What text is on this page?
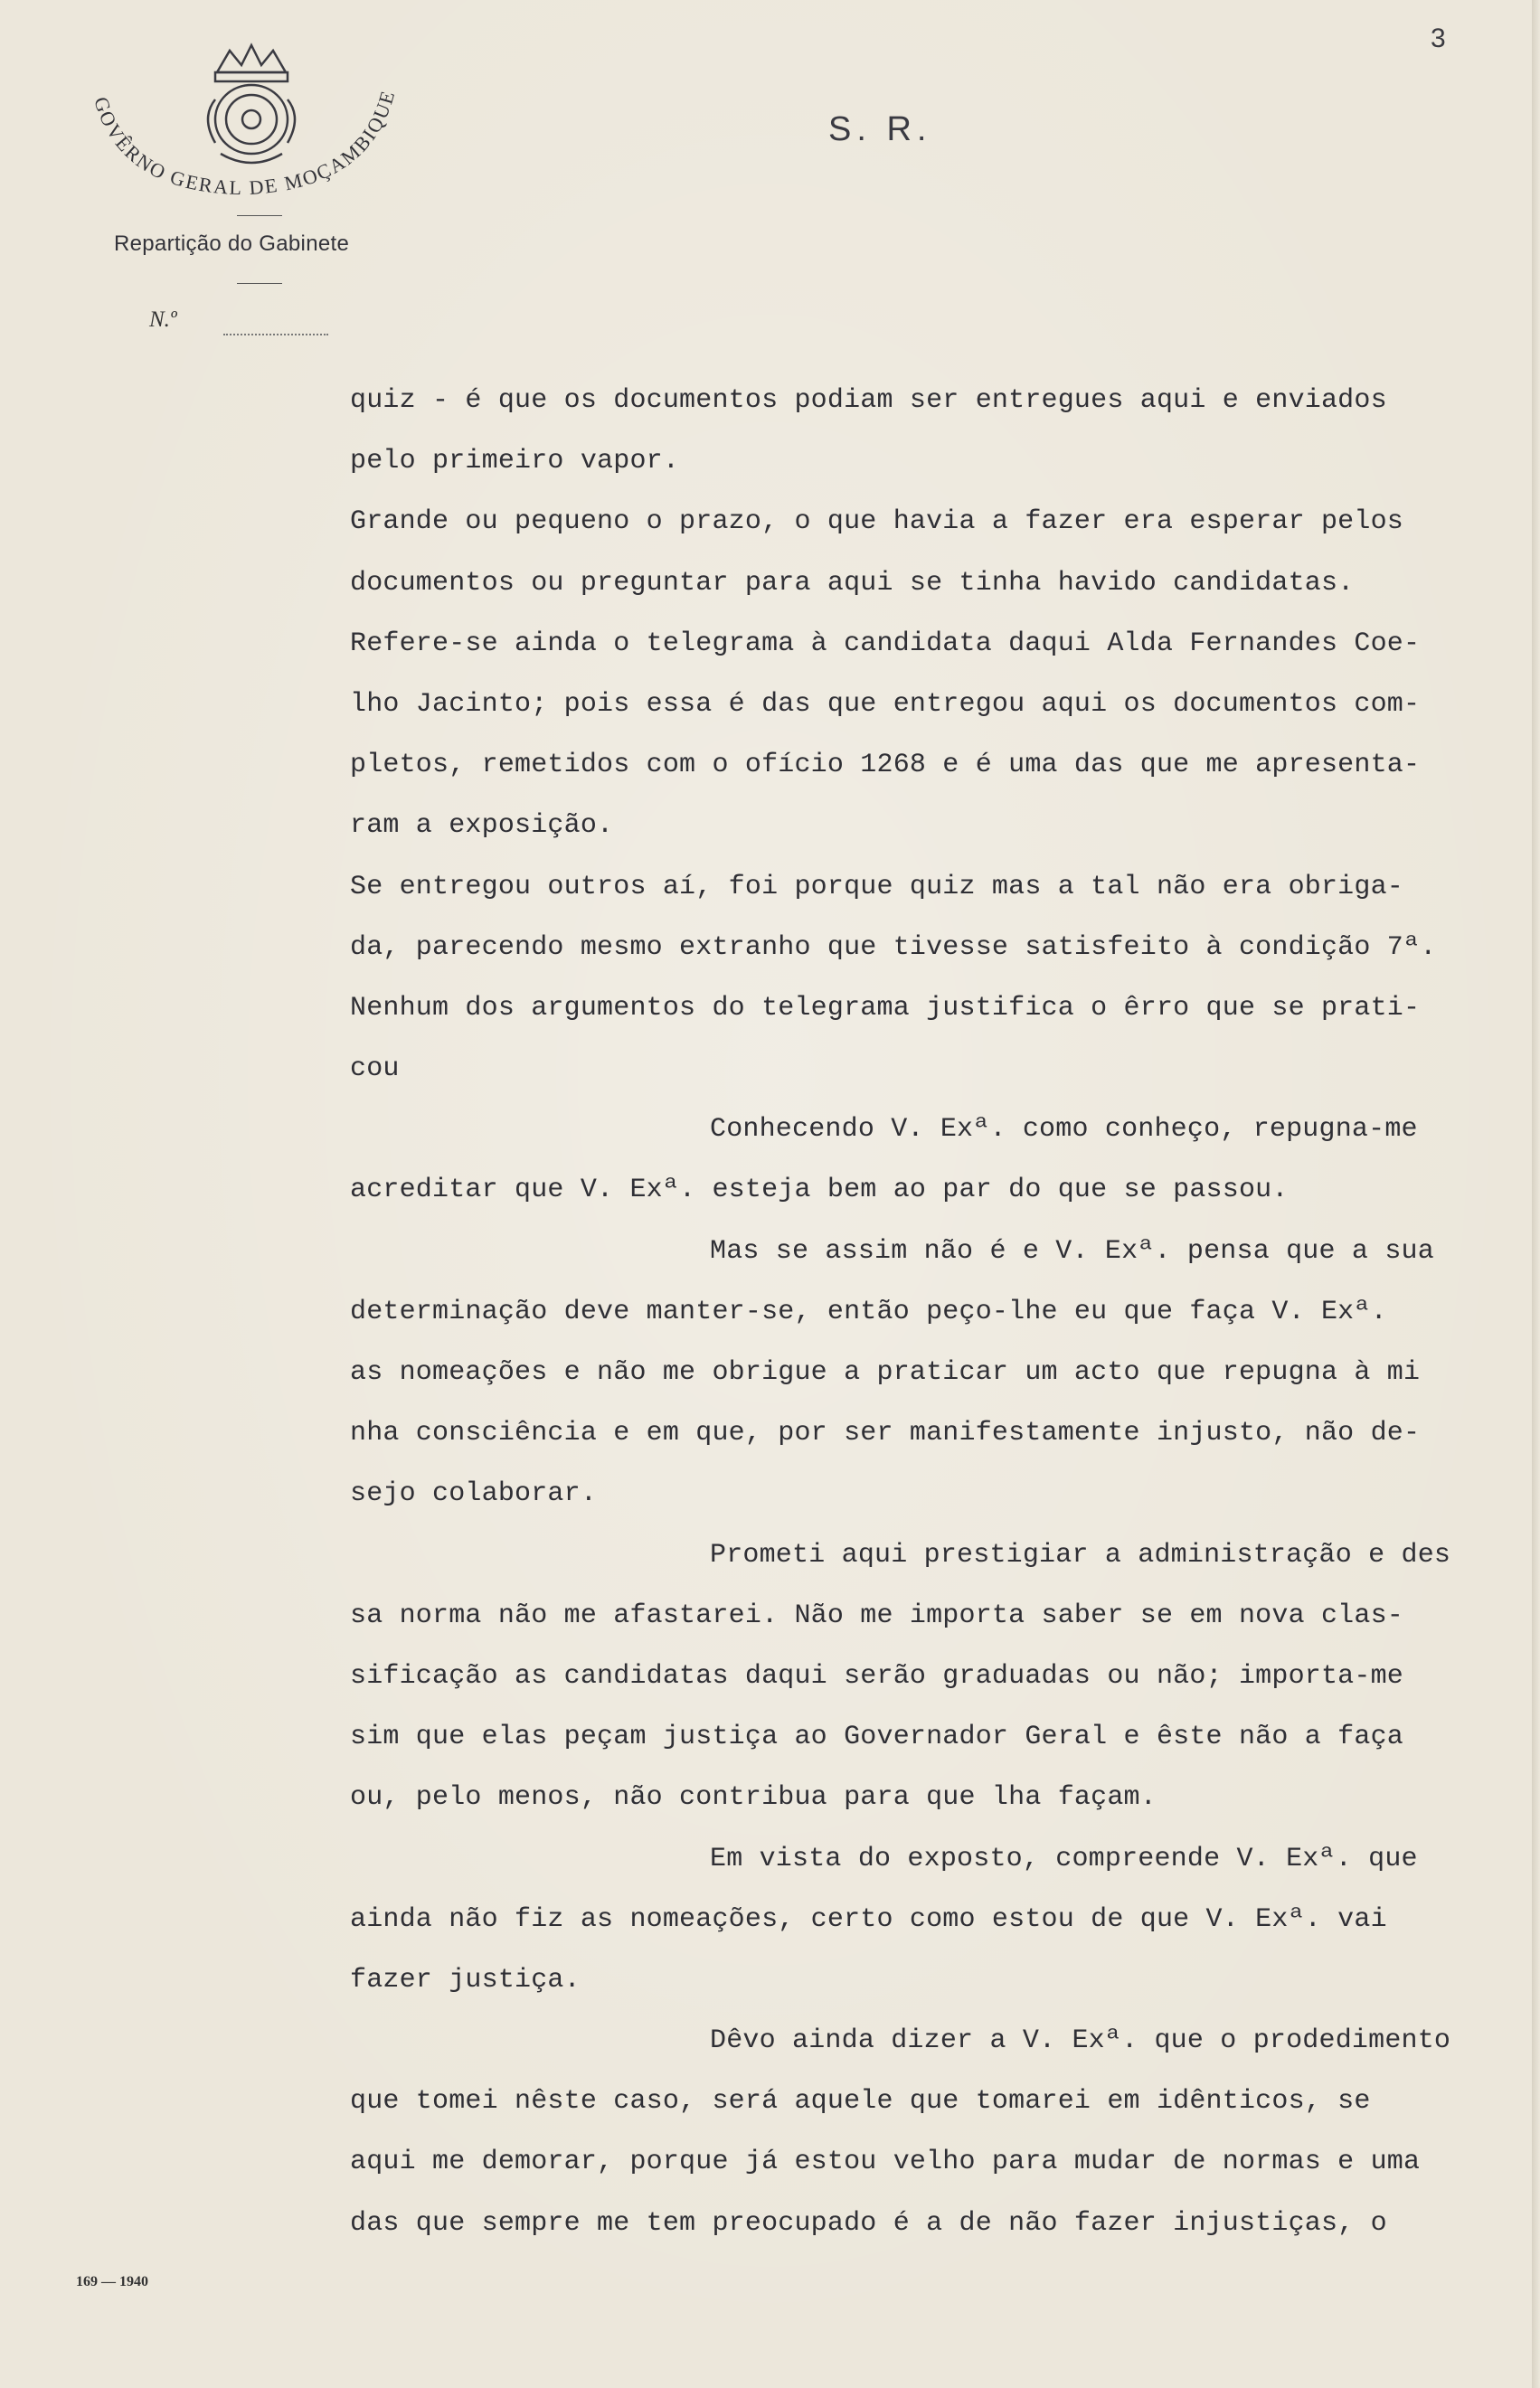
3
GOVÊRNO GERAL DE MOÇAMBIQUE
Repartição do Gabinete
N.º
S. R.
quiz - é que os documentos podiam ser entregues aqui e enviados
pelo primeiro vapor.
Grande ou pequeno o prazo, o que havia a fazer era esperar pelos
documentos ou preguntar para aqui se tinha havido candidatas.
Refere-se ainda o telegrama à candidata daqui Alda Fernandes Coe-
lho Jacinto; pois essa é das que entregou aqui os documentos com-
pletos, remetidos com o ofício 1268 e é uma das que me apresenta-
ram a exposição.
Se entregou outros aí, foi porque quiz mas a tal não era obriga-
da, parecendo mesmo extranho que tivesse satisfeito à condição 7ª.
Nenhum dos argumentos do telegrama justifica o êrro que se prati-
cou
Conhecendo V. Exª. como conheço, repugna-me
acreditar que V. Exª. esteja bem ao par do que se passou.
Mas se assim não é e V. Exª. pensa que a sua
determinação deve manter-se, então peço-lhe eu que faça V. Exª.
as nomeações e não me obrigue a praticar um acto que repugna à mi
nha consciência e em que, por ser manifestamente injusto, não de-
sejo colaborar.
Prometi aqui prestigiar a administração e des
sa norma não me afastarei. Não me importa saber se em nova clas-
sificação as candidatas daqui serão graduadas ou não; importa-me
sim que elas peçam justiça ao Governador Geral e êste não a faça
ou, pelo menos, não contribua para que lha façam.
Em vista do exposto, compreende V. Exª. que
ainda não fiz as nomeações, certo como estou de que V. Exª. vai
fazer justiça.
Dêvo ainda dizer a V. Exª. que o prodedimento
que tomei nêste caso, será aquele que tomarei em idênticos, se
aqui me demorar, porque já estou velho para mudar de normas e uma
das que sempre me tem preocupado é a de não fazer injustiças, o
169 — 1940
